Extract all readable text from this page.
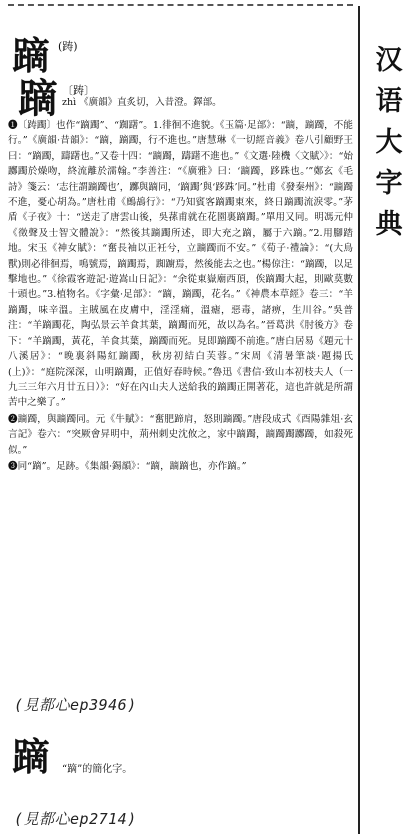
汉
语
大
字
典
蹢 (踌)
蹢 〔踌〕
zhì 《廣韻》直炙切，入昔澄。鐸部。

❶〔踌躅〕也作“蹢躅”、“踟躇”。1.徘徊不進貌。《玉篇·足部》：“蹢，蹢躅，不能行。”《廣韻·昔韻》：“蹢，蹢躅，行不進也。”唐慧琳《一切經音義》卷八引顧野王曰：“蹢躅，躊躇也。”又卷十四：“蹢躅，躊躇不進也。”《文選·陸機〈文賦〉》：“始躑躅於燥吻，終流離於濡翰。”李善注：“《廣雅》曰：‘蹢躅，跢跦也。’”鄭玄《毛詩》箋云：‘志往謂蹢躅也’，躑與蹢同，‘蹢躅’與‘跢跦’同。”杜甫《發秦州》：“蹢躅不進，憂心胡為。”唐杜甫《鷓鴣行》：“乃知賓客蹢躅東來，終日蹢躅流淚零。”茅盾《子夜》十：“送走了唐雲山後，吳蓀甫就在花園裏蹢躅。”單用又同。明馮元仲《徵聲及士智文體說》：“然後其蹢躅所述，即大充之蹢，屬于六蹢。”2.用腳踏地。宋玉《神女賦》：“奮長袖以正衽兮，立蹢躅而不安。”《荀子·禮論》：“(大鳥獸)則必徘徊焉，鳴號焉，蹢躅焉，踟躕焉，然後能去之也。”楊倞注：“蹢躅，以足擊地也。”《徐霞客遊記·遊嵩山日記》：“余從東嶽廟西頂，俟蹢躅大起，則歐莫數十頭也。”3.植物名。《字彙·足部》：“蹢，蹢躅，花名。”《神農本草經》卷三：“羊蹢躅，味辛溫。主賊風在皮膚中，淫淫痛，溫瘧，惡毒，諸痹，生川谷。”吳普注：“羊蹢躅花，陶弘景云羊食其葉，蹢躅而死，故以為名。”晉葛洪《肘後方》卷下：“羊蹢躅，黃花，羊食其葉，蹢躅而死。見即蹢躅不前進。”唐白居易《題元十八溪居》：“晚裏斜陽紅蹢躅，秋房初結白芙蓉。”宋周《清暑筆談·題揚氏(上)》：“庭院深深，山明蹢躅，正值好春時候。”魯迅《書信·致山本初枝夫人（一九三三年六月廿五日）》：“好在內山夫人送給我的蹢躅正開著花，這也許就是所謂苦中之樂了。”

❷蹢躅，與蹢躅同。元《牛賦》：“奮肥蹄肩，怒則蹢躅。”唐段成式《酉陽雜俎·玄言記》卷六：“突厥會昇明中，荊州刺史沈攸之，家中蹢躅，蹢躅躅躑躅，如殺死似。”

❸同“蹢”。足跡。《集韻·錫韻》：“蹢，蹢蹢也，亦作蹢。”

(見都心ep3946)
蹢 “蹢”的簡化字。
(見都心ep2714)
